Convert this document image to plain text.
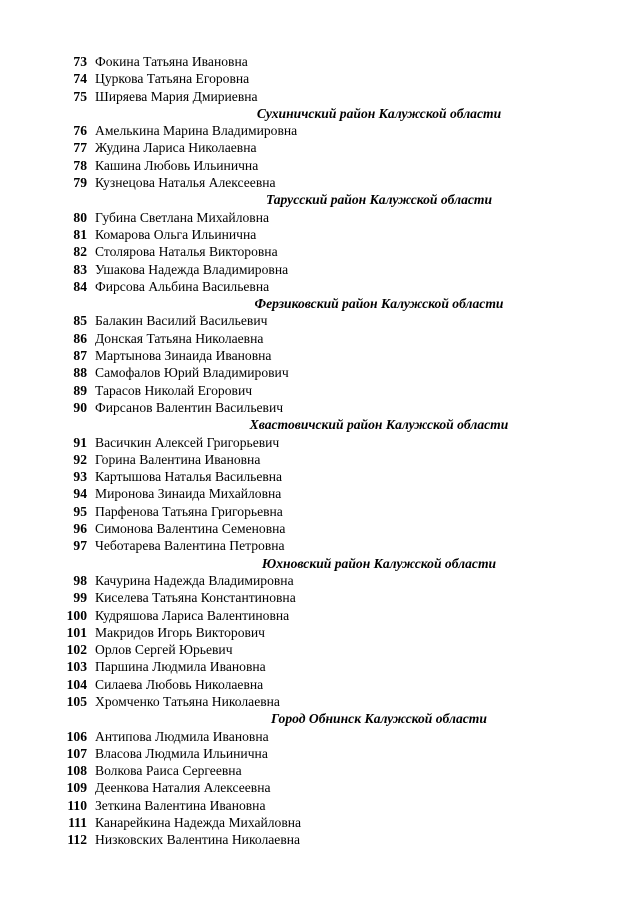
73 Фокина Татьяна Ивановна
74 Цуркова Татьяна Егоровна
75 Ширяева Мария Дмириевна
Сухиничский район Калужской области
76 Амелькина Марина Владимировна
77 Жудина Лариса Николаевна
78 Кашина Любовь Ильинична
79 Кузнецова Наталья Алексеевна
Тарусский район Калужской области
80 Губина Светлана Михайловна
81 Комарова Ольга Ильинична
82 Столярова Наталья Викторовна
83 Ушакова Надежда Владимировна
84 Фирсова Альбина Васильевна
Ферзиковский район Калужской области
85 Балакин Василий Васильевич
86 Донская Татьяна Николаевна
87 Мартынова Зинаида Ивановна
88 Самофалов Юрий Владимирович
89 Тарасов Николай Егорович
90 Фирсанов Валентин Васильевич
Хвастовичский район Калужской области
91 Васичкин Алексей Григорьевич
92 Горина Валентина Ивановна
93 Картышова Наталья Васильевна
94 Миронова Зинаида Михайловна
95 Парфенова Татьяна Григорьевна
96 Симонова Валентина Семеновна
97 Чеботарева Валентина Петровна
Юхновский район Калужской области
98 Качурина Надежда Владимировна
99 Киселева Татьяна Константиновна
100 Кудряшова Лариса Валентиновна
101 Макридов Игорь Викторович
102 Орлов Сергей Юрьевич
103 Паршина Людмила Ивановна
104 Силаева Любовь Николаевна
105 Хромченко Татьяна Николаевна
Город Обнинск Калужской области
106 Антипова Людмила Ивановна
107 Власова Людмила Ильинична
108 Волкова Раиса Сергеевна
109 Деенкова Наталия Алексеевна
110 Зеткина Валентина Ивановна
111 Канарейкина Надежда Михайловна
112 Низковских Валентина Николаевна
